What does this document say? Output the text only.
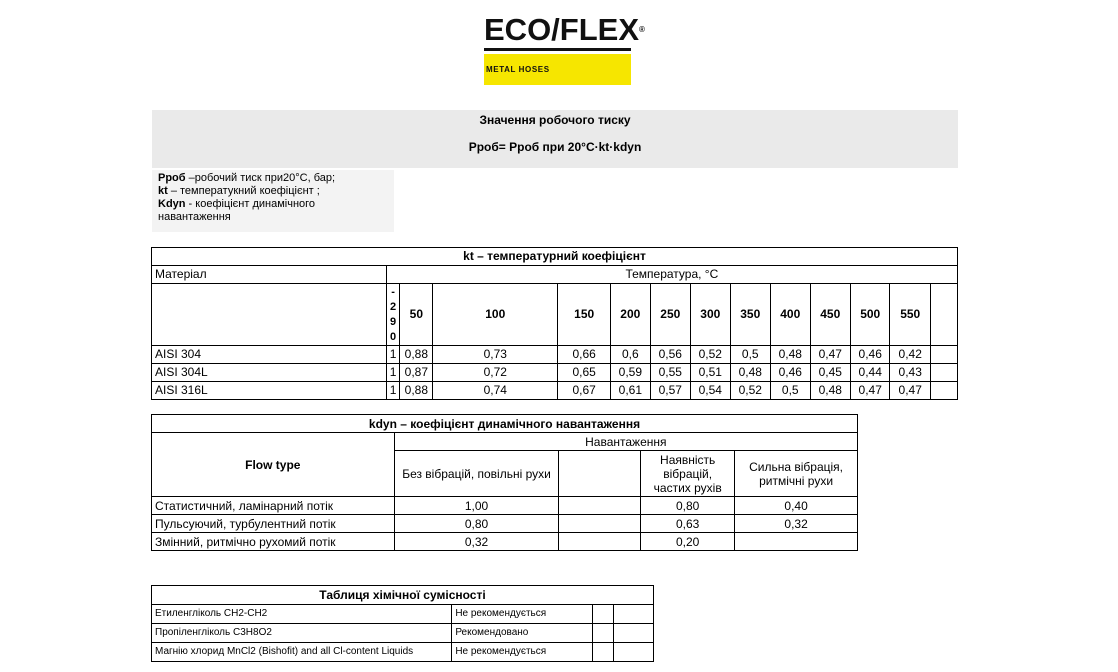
ECO/FLEX®
METAL HOSES
Значення робочого тиску
Pроб= Pроб при 20°C·kt·kdyn
Pроб –робочий тиск при20°C, бар;
kt – температукний коефіцієнт ;
Kdyn - коефіцієнт динамічного навантаження
kt – температурний коефіцієнт													
Матеріал	Температура, °C												

	-
2
9
0	50	100	150	200	250	300	350	400	450	500	550	
AISI 304	1	0,88	0,73	0,66	0,6	0,56	0,52	0,5	0,48	0,47	0,46	0,42	
AISI 304L	1	0,87	0,72	0,65	0,59	0,55	0,51	0,48	0,46	0,45	0,44	0,43	
AISI 316L	1	0,88	0,74	0,67	0,61	0,57	0,54	0,52	0,5	0,48	0,47	0,47	
kdyn – коефіцієнт динамічного навантаження				
Flow type	Навантаження			
	Без вібрацій, повільні рухи		Наявність вібрацій, частих рухів	Сильна вібрація, ритмічні рухи
Статистичний, ламінарний потік	1,00		0,80	0,40
Пульсуючий, турбулентний потік	0,80		0,63	0,32
Змінний, ритмічно рухомий потік	0,32		0,20	
Таблиця хімічної сумісності			
Етиленгліколь CH2-CH2	Не рекомендується		
Пропіленгліколь C3H8O2	Рекомендовано		
Магнію хлорид MnCl2 (Bishofit) and all Cl-content Liquids	Не рекомендується		
